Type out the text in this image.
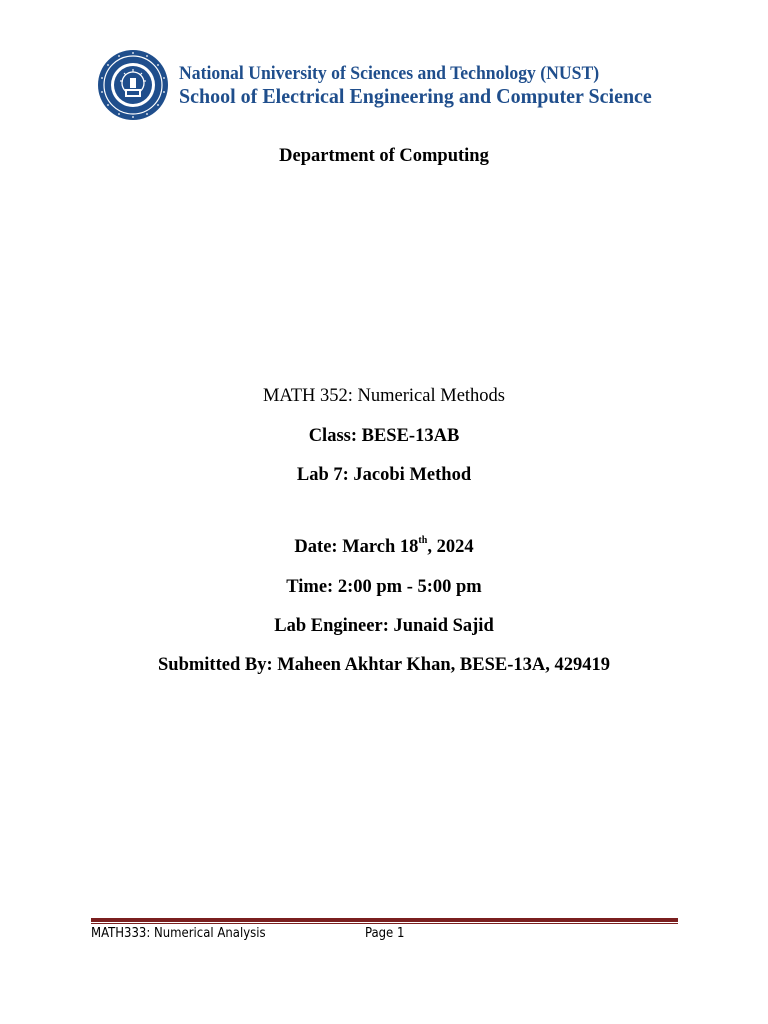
National University of Sciences and Technology (NUST)
School of Electrical Engineering and Computer Science
Department of Computing
MATH 352: Numerical Methods
Class: BESE-13AB
Lab 7: Jacobi Method
Date: March 18th, 2024
Time: 2:00 pm - 5:00 pm
Lab Engineer: Junaid Sajid
Submitted By: Maheen Akhtar Khan, BESE-13A, 429419
MATH333: Numerical Analysis	Page 1
